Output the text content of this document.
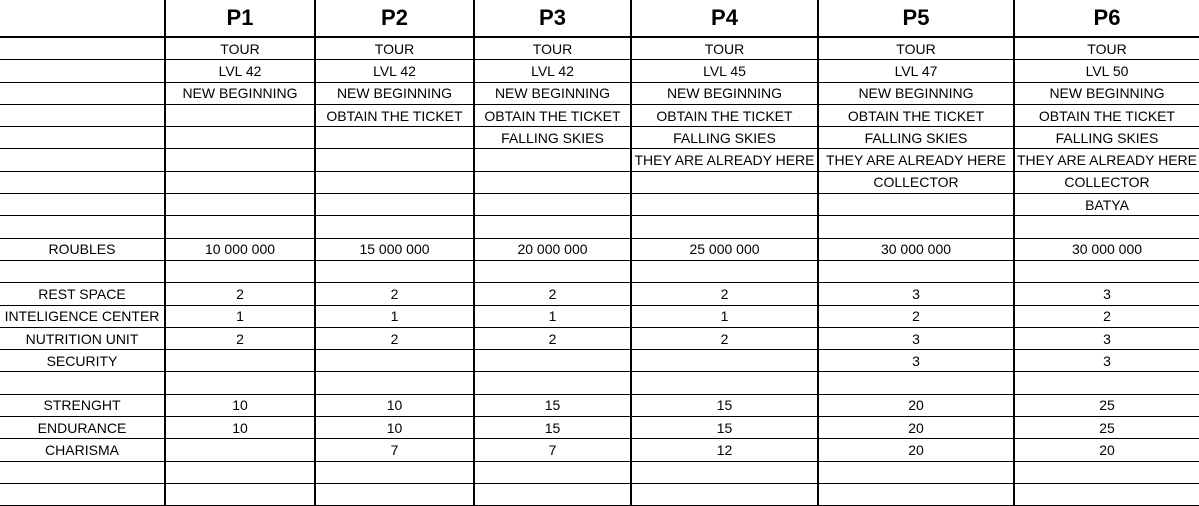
	P1	P2	P3	P4	P5	P6
	TOUR	TOUR	TOUR	TOUR	TOUR	TOUR
	LVL 42	LVL 42	LVL 42	LVL 45	LVL 47	LVL 50
	NEW BEGINNING	NEW BEGINNING	NEW BEGINNING	NEW BEGINNING	NEW BEGINNING	NEW BEGINNING
		OBTAIN THE TICKET	OBTAIN THE TICKET	OBTAIN THE TICKET	OBTAIN THE TICKET	OBTAIN THE TICKET
			FALLING SKIES	FALLING SKIES	FALLING SKIES	FALLING SKIES
				THEY ARE ALREADY HERE	THEY ARE ALREADY HERE	THEY ARE ALREADY HERE
					COLLECTOR	COLLECTOR
						BATYA

ROUBLES	10 000 000	15 000 000	20 000 000	25 000 000	30 000 000	30 000 000

REST SPACE	2	2	2	2	3	3
INTELIGENCE CENTER	1	1	1	1	2	2
NUTRITION UNIT	2	2	2	2	3	3
SECURITY					3	3

STRENGHT	10	10	15	15	20	25
ENDURANCE	10	10	15	15	20	25
CHARISMA		7	7	12	20	20
